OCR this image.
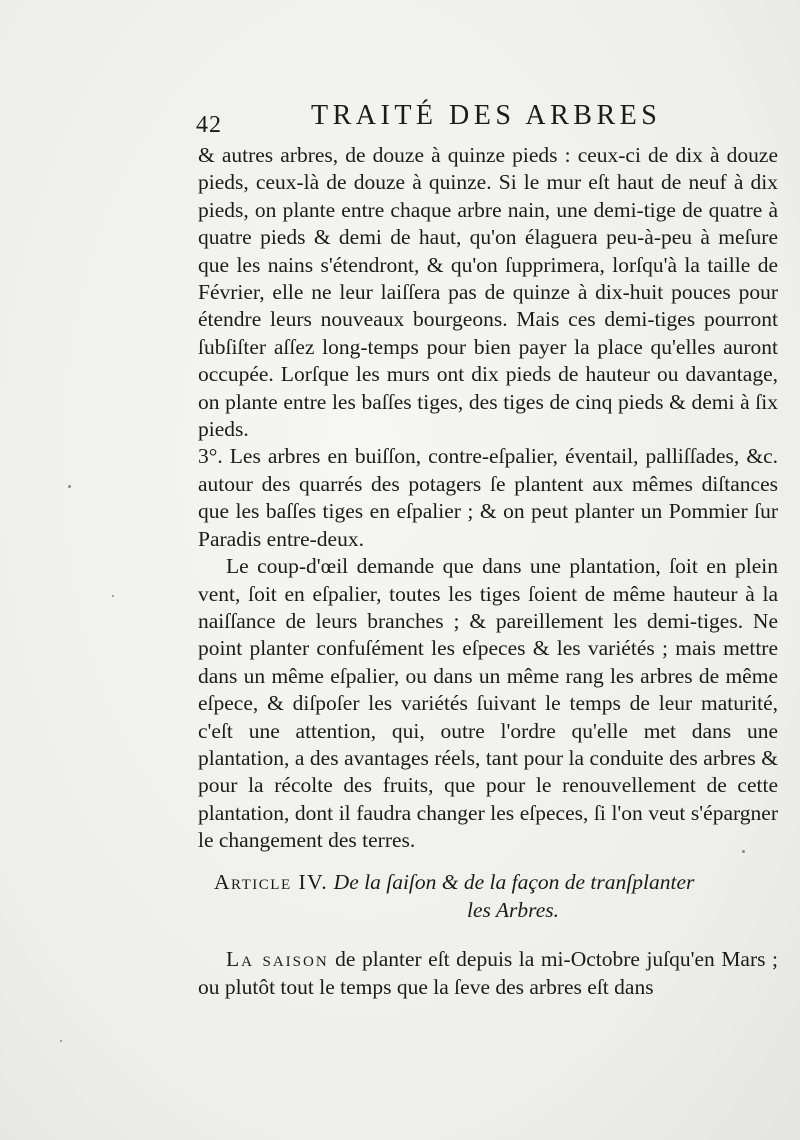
42	TRAITÉ DES ARBRES

& autres arbres, de douze à quinze pieds : ceux-ci de dix à douze pieds, ceux-là de douze à quinze. Si le mur eſt haut de neuf à dix pieds, on plante entre chaque arbre nain, une demi-tige de quatre à quatre pieds & demi de haut, qu'on élaguera peu-à-peu à meſure que les nains s'étendront, & qu'on ſupprimera, lorſqu'à la taille de Février, elle ne leur laiſſera pas de quinze à dix-huit pouces pour étendre leurs nouveaux bourgeons. Mais ces demi-tiges pourront ſubſiſter aſſez long-temps pour bien payer la place qu'elles auront occupée. Lorſque les murs ont dix pieds de hauteur ou davantage, on plante entre les baſſes tiges, des tiges de cinq pieds & demi à ſix pieds.

3°. Les arbres en buiſſon, contre-eſpalier, éventail, palliſſades, &c. autour des quarrés des potagers ſe plantent aux mêmes diſtances que les baſſes tiges en eſpalier ; & on peut planter un Pommier ſur Paradis entre-deux.

Le coup-d'œil demande que dans une plantation, ſoit en plein vent, ſoit en eſpalier, toutes les tiges ſoient de même hauteur à la naiſſance de leurs branches ; & pareillement les demi-tiges. Ne point planter confuſément les eſpeces & les variétés ; mais mettre dans un même eſpalier, ou dans un même rang les arbres de même eſpece, & diſpoſer les variétés ſuivant le temps de leur maturité, c'eſt une attention, qui, outre l'ordre qu'elle met dans une plantation, a des avantages réels, tant pour la conduite des arbres & pour la récolte des fruits, que pour le renouvellement de cette plantation, dont il faudra changer les eſpeces, ſi l'on veut s'épargner le changement des terres.

Article IV. De la ſaiſon & de la façon de tranſplanter
les Arbres.

La saison de planter eſt depuis la mi-Octobre juſqu'en Mars ; ou plutôt tout le temps que la ſeve des arbres eſt dans
